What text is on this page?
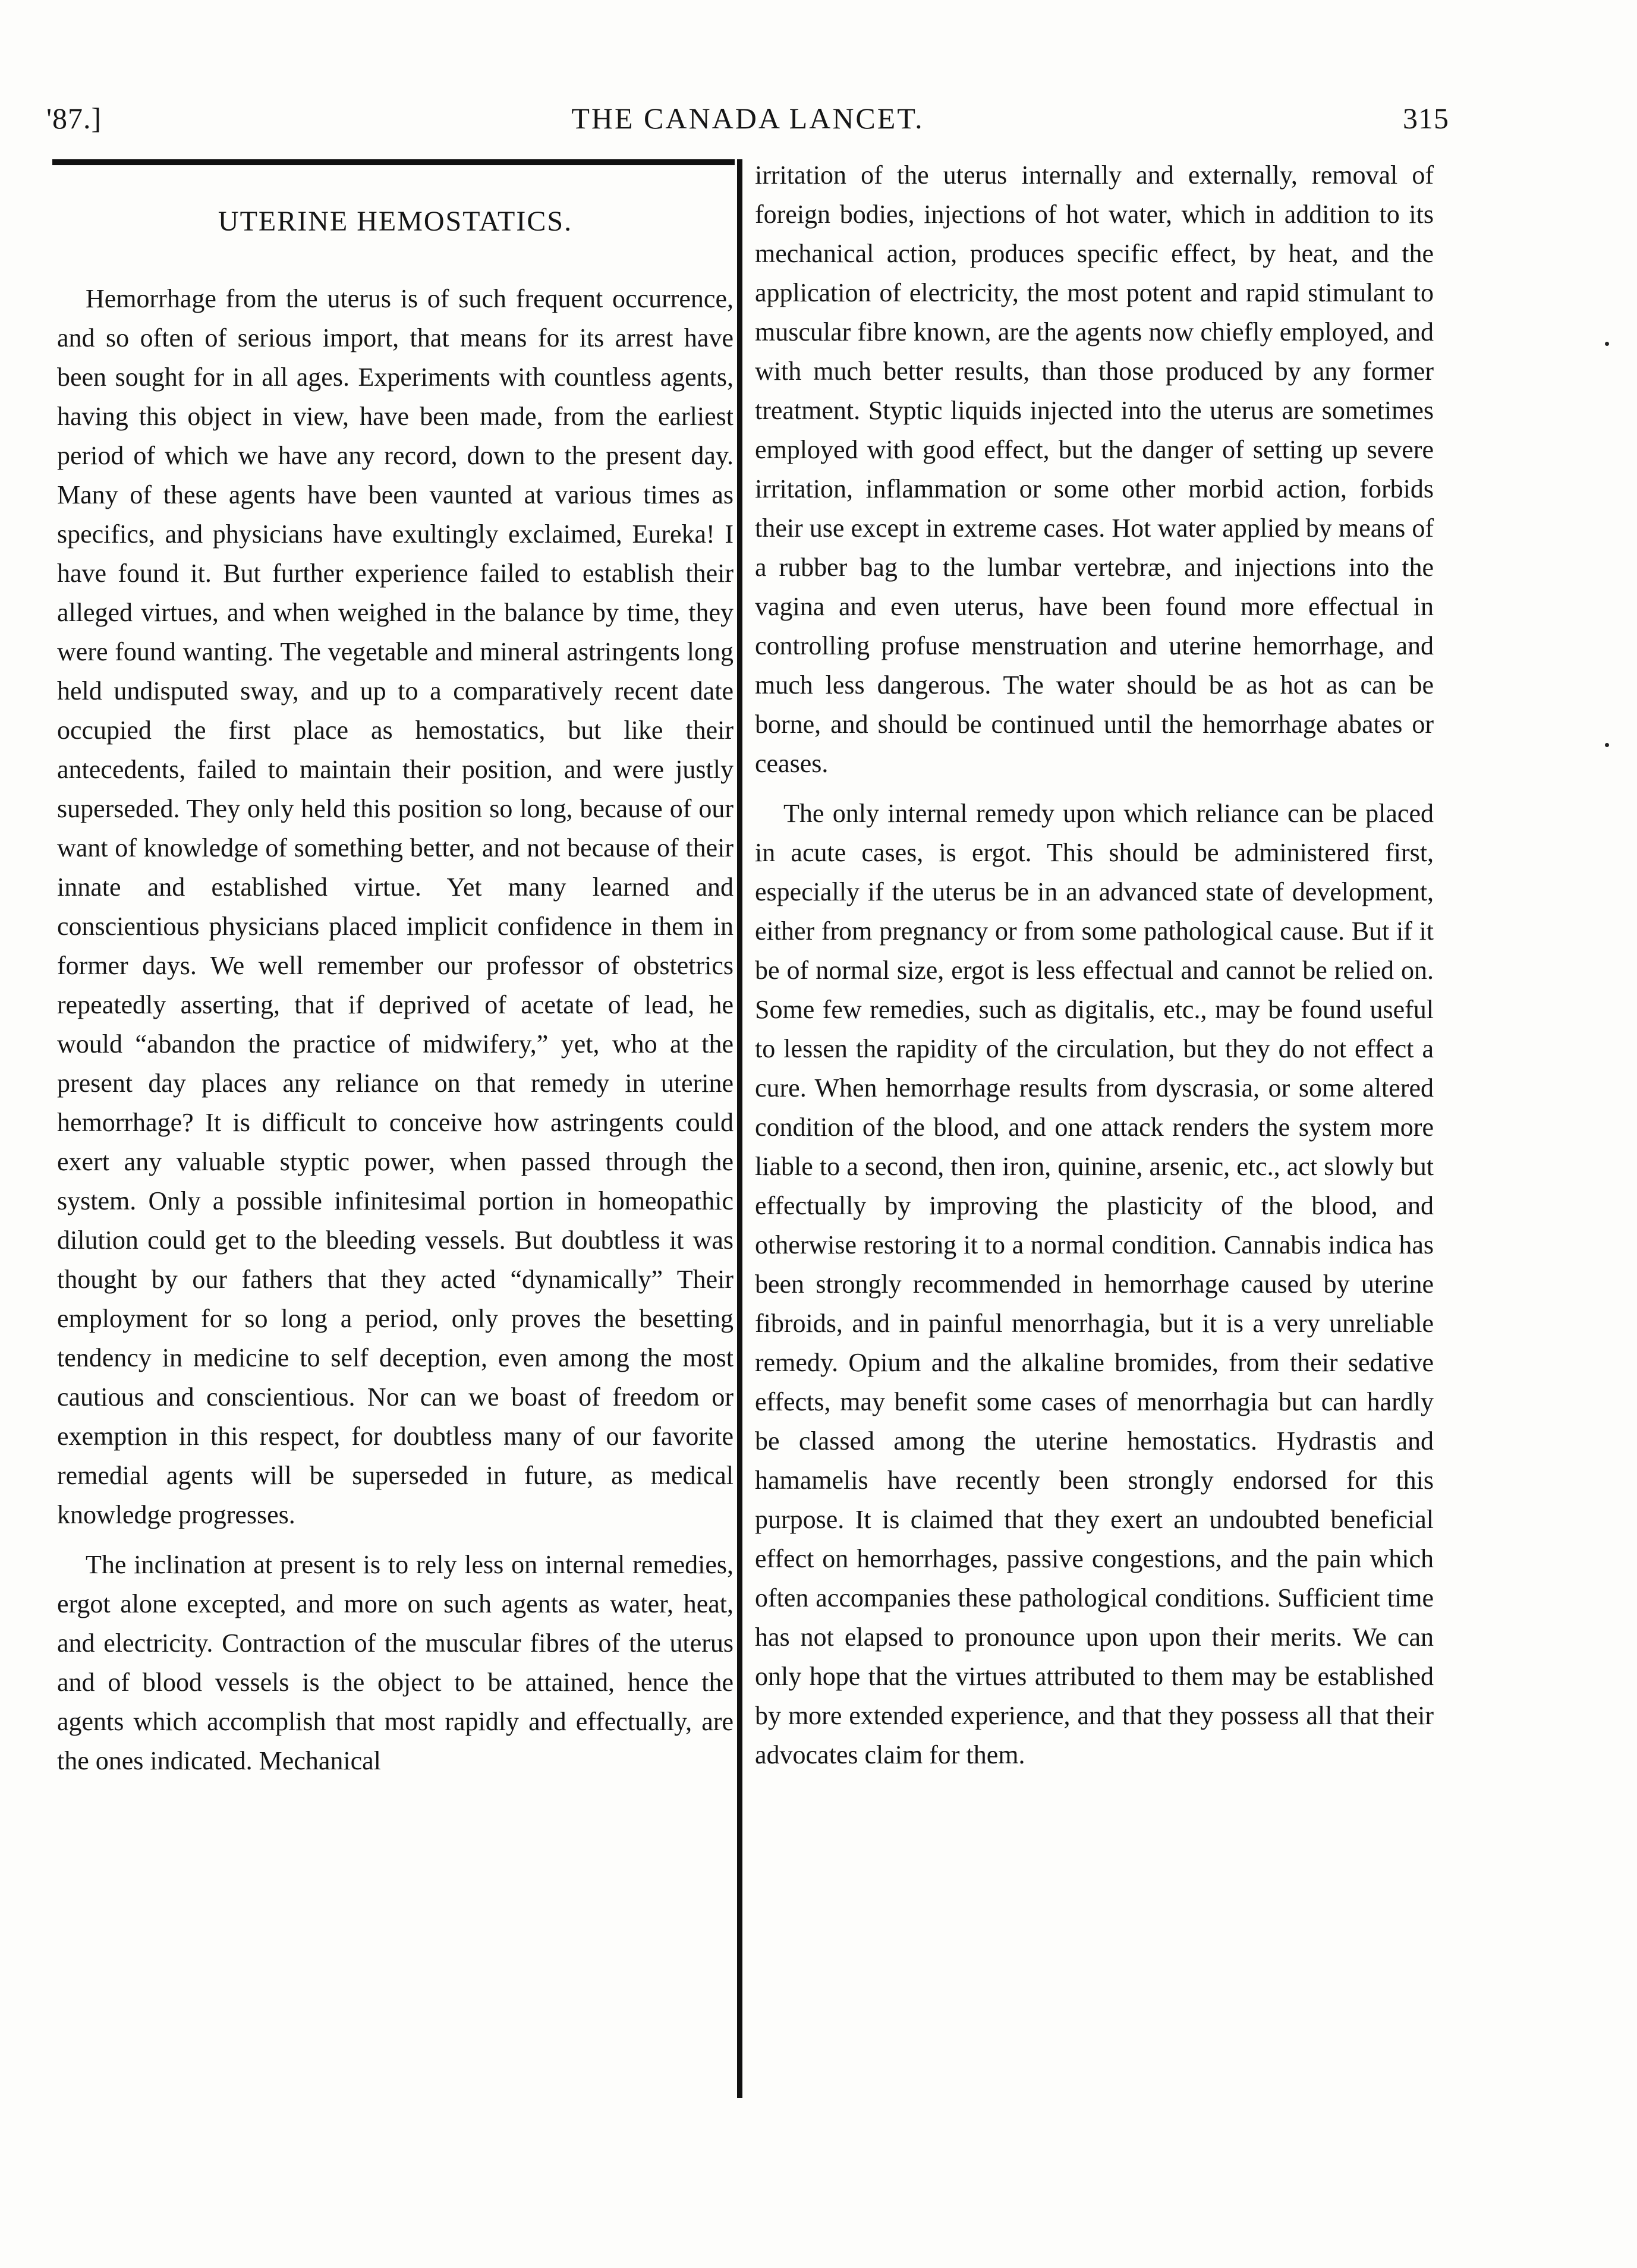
'87.]	THE CANADA LANCET.	315
UTERINE HEMOSTATICS.

Hemorrhage from the uterus is of such frequent occurrence, and so often of serious import, that means for its arrest have been sought for in all ages. Experiments with countless agents, having this object in view, have been made, from the earliest period of which we have any record, down to the present day. Many of these agents have been vaunted at various times as specifics, and physicians have exultingly exclaimed, Eureka! I have found it. But further experience failed to establish their alleged virtues, and when weighed in the balance by time, they were found wanting. The vegetable and mineral astringents long held undisputed sway, and up to a comparatively recent date occupied the first place as hemostatics, but like their antecedents, failed to maintain their position, and were justly superseded. They only held this position so long, because of our want of knowledge of something better, and not because of their innate and established virtue. Yet many learned and conscientious physicians placed implicit confidence in them in former days. We well remember our professor of obstetrics repeatedly asserting, that if deprived of acetate of lead, he would “abandon the practice of midwifery,” yet, who at the present day places any reliance on that remedy in uterine hemorrhage? It is difficult to conceive how astringents could exert any valuable styptic power, when passed through the system. Only a possible infinitesimal portion in homeopathic dilution could get to the bleeding vessels. But doubtless it was thought by our fathers that they acted “dynamically” Their employment for so long a period, only proves the besetting tendency in medicine to self deception, even among the most cautious and conscientious. Nor can we boast of freedom or exemption in this respect, for doubtless many of our favorite remedial agents will be superseded in future, as medical knowledge progresses.

The inclination at present is to rely less on internal remedies, ergot alone excepted, and more on such agents as water, heat, and electricity. Contraction of the muscular fibres of the uterus and of blood vessels is the object to be attained, hence the agents which accomplish that most rapidly and effectually, are the ones indicated. Mechanical

irritation of the uterus internally and externally, removal of foreign bodies, injections of hot water, which in addition to its mechanical action, produces specific effect, by heat, and the application of electricity, the most potent and rapid stimulant to muscular fibre known, are the agents now chiefly employed, and with much better results, than those produced by any former treatment. Styptic liquids injected into the uterus are sometimes employed with good effect, but the danger of setting up severe irritation, inflammation or some other morbid action, forbids their use except in extreme cases. Hot water applied by means of a rubber bag to the lumbar vertebræ, and injections into the vagina and even uterus, have been found more effectual in controlling profuse menstruation and uterine hemorrhage, and much less dangerous. The water should be as hot as can be borne, and should be continued until the hemorrhage abates or ceases.

The only internal remedy upon which reliance can be placed in acute cases, is ergot. This should be administered first, especially if the uterus be in an advanced state of development, either from pregnancy or from some pathological cause. But if it be of normal size, ergot is less effectual and cannot be relied on. Some few remedies, such as digitalis, etc., may be found useful to lessen the rapidity of the circulation, but they do not effect a cure. When hemorrhage results from dyscrasia, or some altered condition of the blood, and one attack renders the system more liable to a second, then iron, quinine, arsenic, etc., act slowly but effectually by improving the plasticity of the blood, and otherwise restoring it to a normal condition. Cannabis indica has been strongly recommended in hemorrhage caused by uterine fibroids, and in painful menorrhagia, but it is a very unreliable remedy. Opium and the alkaline bromides, from their sedative effects, may benefit some cases of menorrhagia but can hardly be classed among the uterine hemostatics. Hydrastis and hamamelis have recently been strongly endorsed for this purpose. It is claimed that they exert an undoubted beneficial effect on hemorrhages, passive congestions, and the pain which often accompanies these pathological conditions. Sufficient time has not elapsed to pronounce upon upon their merits. We can only hope that the virtues attributed to them may be established by more extended experience, and that they possess all that their advocates claim for them.
